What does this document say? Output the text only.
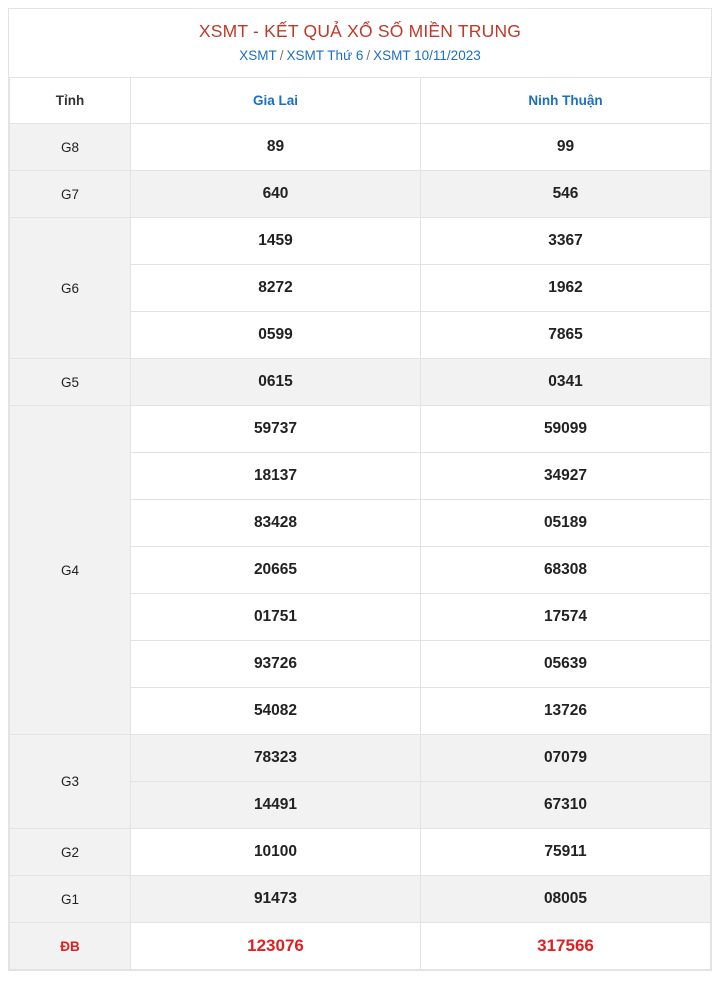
XSMT - KẾT QUẢ XỔ SỐ MIỀN TRUNG
XSMT / XSMT Thứ 6 / XSMT 10/11/2023
Tỉnh	Gia Lai	Ninh Thuận
G8	89	99
G7	640	546
G6	1459	3367
	8272	1962
	0599	7865
G5	0615	0341
G4	59737	59099
	18137	34927
	83428	05189
	20665	68308
	01751	17574
	93726	05639
	54082	13726
G3	78323	07079
	14491	67310
G2	10100	75911
G1	91473	08005
ĐB	123076	317566
